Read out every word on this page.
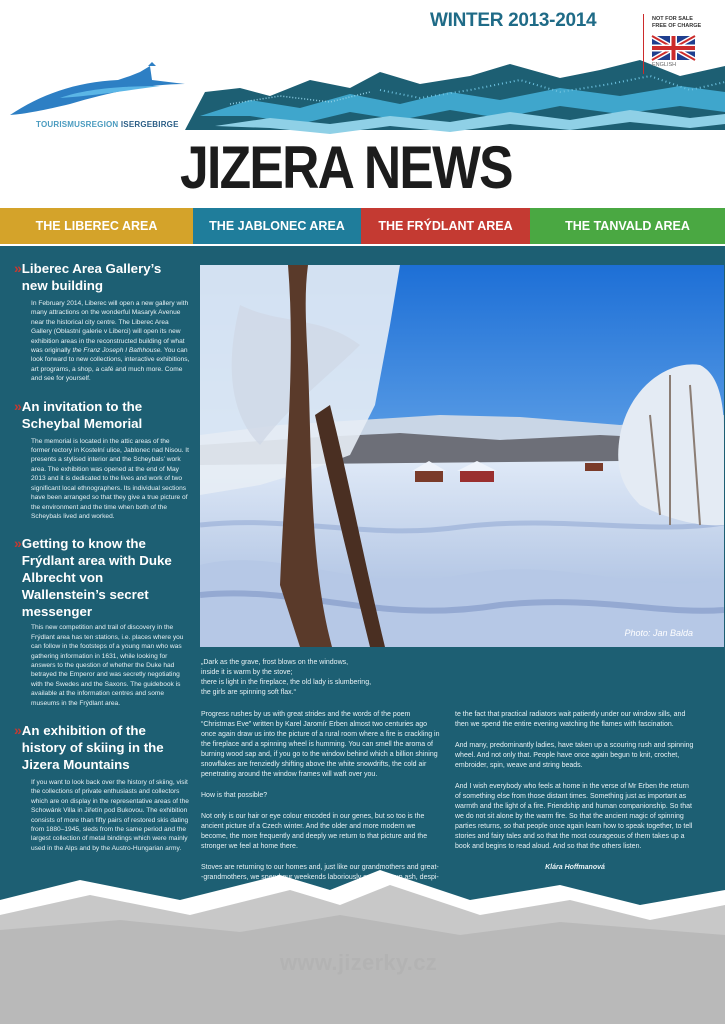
TOURISMUSREGION ISERGEBIRGE
WINTER 2013-2014	NOT FOR SALE
FREE OF CHARGE
ENGLISH
JIZERA NEWS
THE LIBEREC AREA	THE JABLONEC AREA	THE FRÝDLANT AREA	THE TANVALD AREA
» Liberec Area Gallery’s new building

In February 2014, Liberec will open a new gallery with many attractions on the wonderful Masaryk Avenue near the historical city centre. The Liberec Area Gallery (Oblastní galerie v Liberci) will open its new exhibition areas in the reconstructed building of what was originally the Franz Joseph I Bathhouse. You can look forward to new collections, interactive exhibitions, art programs, a shop, a café and much more. Come and see for yourself.

» An invitation to the Scheybal Memorial

The memorial is located in the attic areas of the former rectory in Kostelní ulice, Jablonec nad Nisou. It presents a stylised interior and the Scheybals’ work area. The exhibition was opened at the end of May 2013 and it is dedicated to the lives and work of two significant local ethnographers. Its individual sections have been arranged so that they give a true picture of the environment and the time when both of the Scheybals lived and worked.

» Getting to know the Frýdlant area with Duke Albrecht von Wallenstein’s secret messenger

This new competition and trail of discovery in the Frýdlant area has ten stations, i.e. places where you can follow in the footsteps of a young man who was gathering information in 1631, while looking for answers to the question of whether the Duke had betrayed the Emperor and was secretly negotiating with the Swedes and the Saxons. The guidebook is available at the information centres and some museums in the Frýdlant area.

» An exhibition of the history of skiing in the Jizera Mountains

If you want to look back over the history of skiing, visit the collections of private enthusiasts and collectors which are on display in the representative areas of the Schowánk Villa in Jiřetín pod Bukovou. The exhibition consists of more than fifty pairs of restored skis dating from 1880–1945, sleds from the same period and the largest collection of metal bindings which were mainly used in the Alps and by the Austro-Hungarian army.

Photo: Jan Balda
„Dark as the grave, frost blows on the windows,
inside it is warm by the stove;
there is light in the fireplace, the old lady is slumbering,
the girls are spinning soft flax.“

Progress rushes by us with great strides and the words of the poem “Christmas Eve” written by Karel Jaromír Erben almost two centuries ago once again draw us into the picture of a rural room where a fire is crackling in the fireplace and a spinning wheel is humming. You can smell the aroma of burning wood sap and, if you go to the window behind which a billion shining snowflakes are frenziedly shifting above the white snowdrifts, the cold air penetrating around the window frames will waft over you.

How is that possible?

Not only is our hair or eye colour encoded in our genes, but so too is the ancient picture of a Czech winter. And the older and more modern we become, the more frequently and deeply we return to that picture and the stronger we feel at home there.

Stoves are returning to our homes and, just like our grandmothers and great- -grandmothers, we spend our weekends laboriously sweeping up ash, despi-

te the fact that practical radiators wait patiently under our window sills, and then we spend the entire evening watching the flames with fascination.

And many, predominantly ladies, have taken up a scouring rush and spinning wheel. And not only that. People have once again begun to knit, crochet, embroider, spin, weave and string beads.

And I wish everybody who feels at home in the verse of Mr Erben the return of something else from those distant times. Something just as important as warmth and the light of a fire. Friendship and human companionship. So that we do not sit alone by the warm fire. So that the ancient magic of spinning parties returns, so that people once again learn how to speak together, to tell stories and fairy tales and so that the most courageous of them takes up a book and begins to read aloud. And so that the others listen.

Klára Hoffmanová
www.jizerky.cz
